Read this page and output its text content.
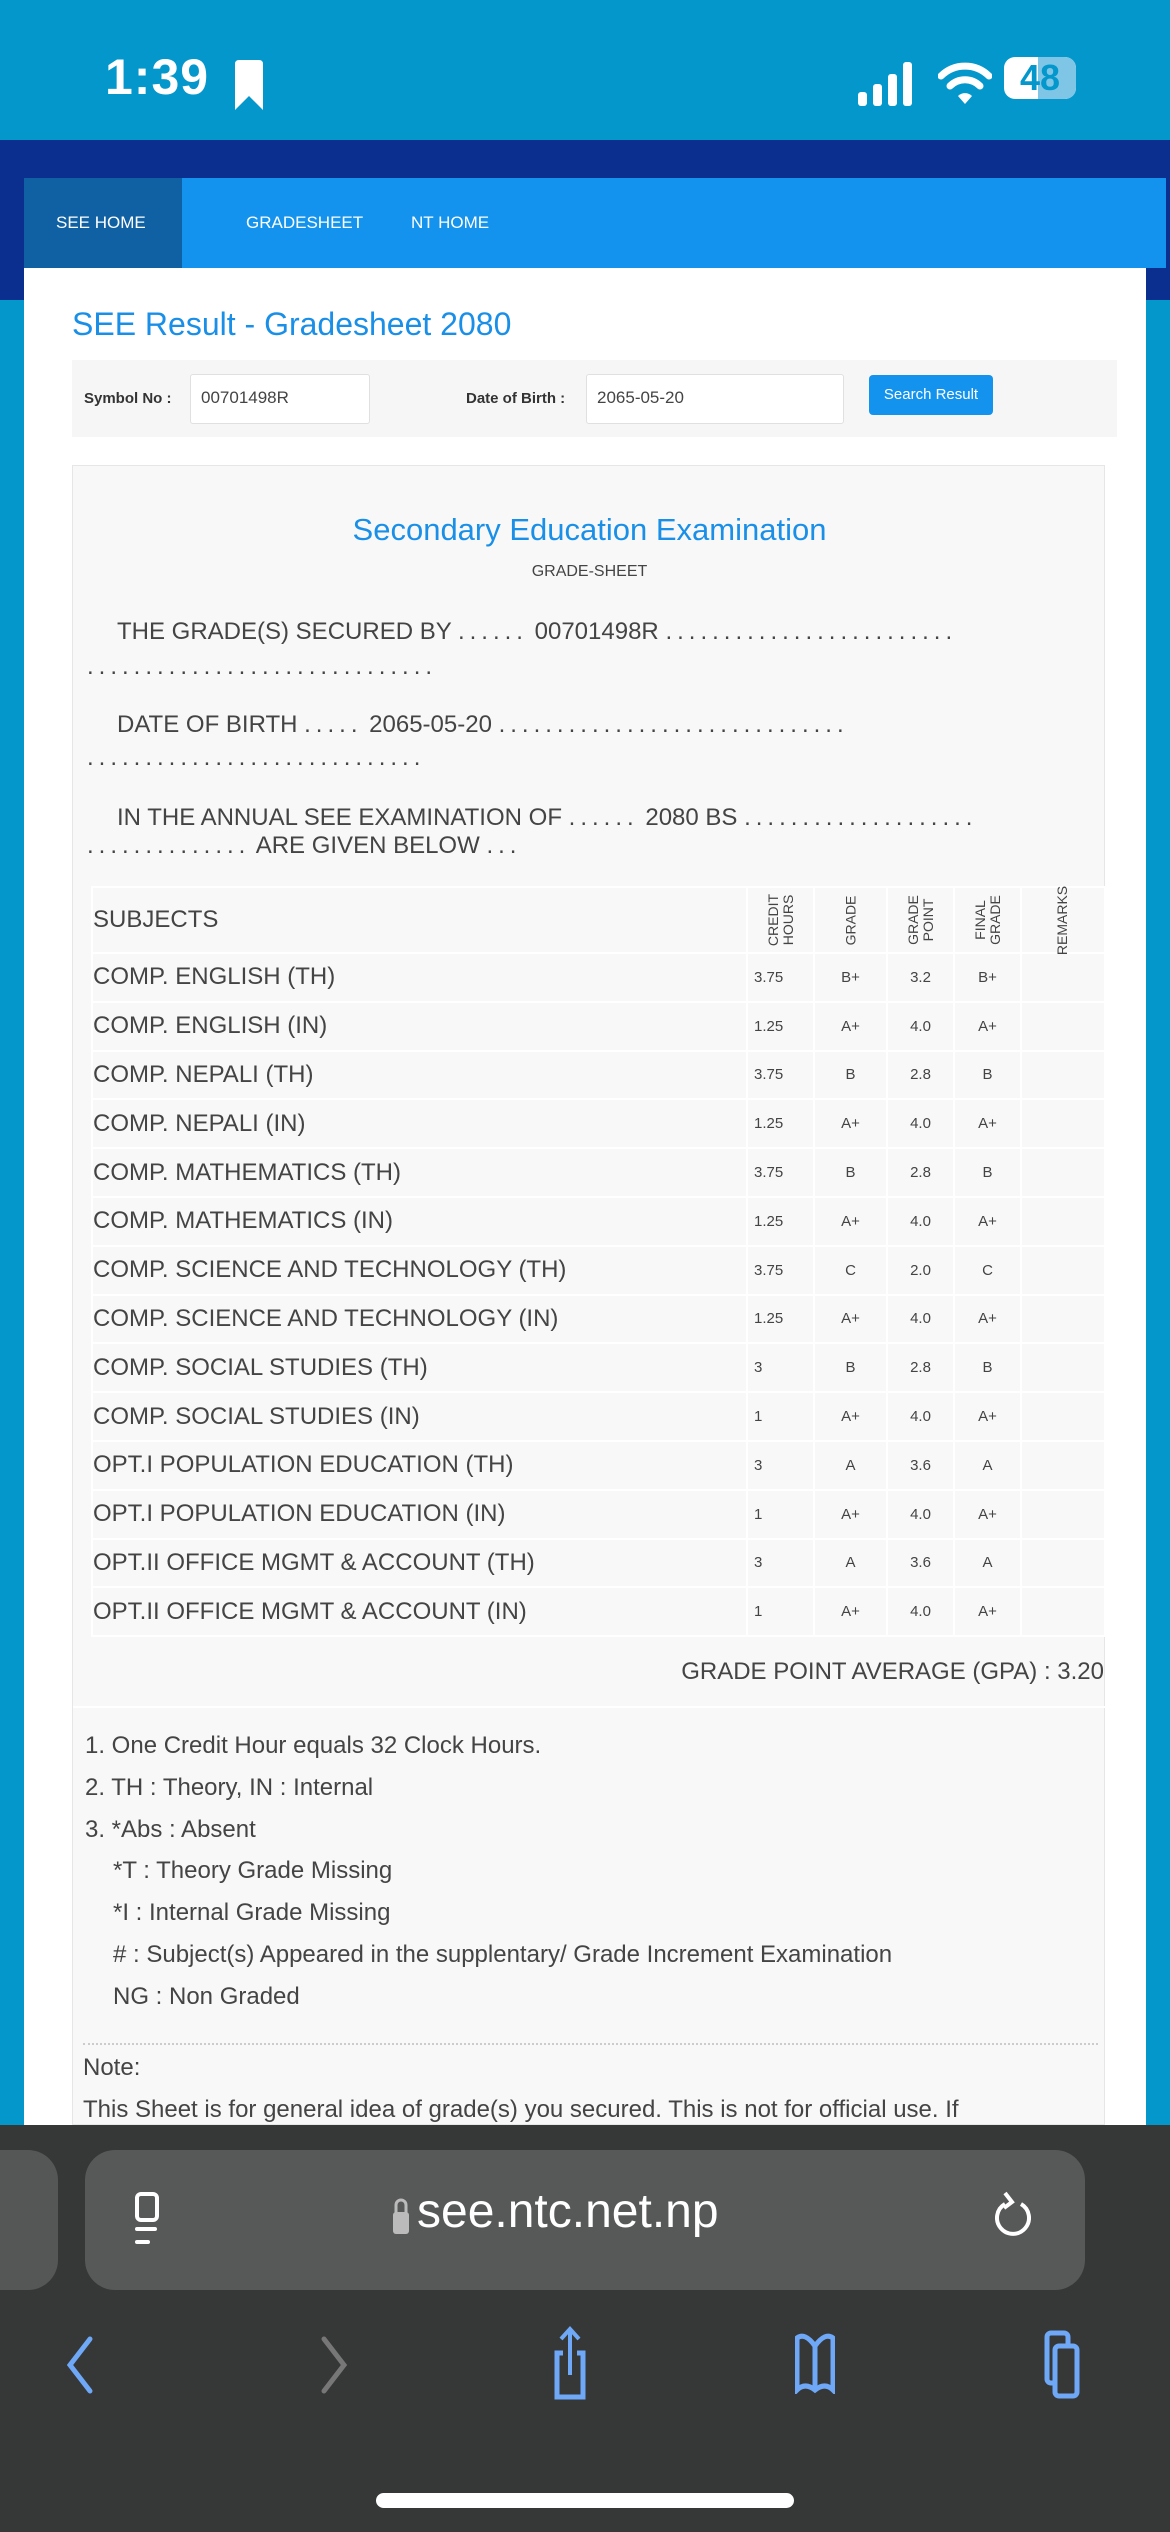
1:39	48
SEE HOME	GRADESHEET	NT HOME
SEE Result - Gradesheet 2080
Symbol No :	00701498R	Date of Birth :	2065-05-20	Search Result
Secondary Education Examination
GRADE-SHEET
THE GRADE(S) SECURED BY ...... 00701498R .........................
..............................
DATE OF BIRTH ..... 2065-05-20 ..............................
.............................
IN THE ANNUAL SEE EXAMINATION OF ...... 2080 BS ....................
.............. ARE GIVEN BELOW ...
SUBJECTS	CREDIT HOURS	GRADE	GRADE POINT	FINAL GRADE	REMARKS
COMP. ENGLISH (TH)	3.75	B+	3.2	B+	
COMP. ENGLISH (IN)	1.25	A+	4.0	A+	
COMP. NEPALI (TH)	3.75	B	2.8	B	
COMP. NEPALI (IN)	1.25	A+	4.0	A+	
COMP. MATHEMATICS (TH)	3.75	B	2.8	B	
COMP. MATHEMATICS (IN)	1.25	A+	4.0	A+	
COMP. SCIENCE AND TECHNOLOGY (TH)	3.75	C	2.0	C	
COMP. SCIENCE AND TECHNOLOGY (IN)	1.25	A+	4.0	A+	
COMP. SOCIAL STUDIES (TH)	3	B	2.8	B	
COMP. SOCIAL STUDIES (IN)	1	A+	4.0	A+	
OPT.I POPULATION EDUCATION (TH)	3	A	3.6	A	
OPT.I POPULATION EDUCATION (IN)	1	A+	4.0	A+	
OPT.II OFFICE MGMT & ACCOUNT (TH)	3	A	3.6	A	
OPT.II OFFICE MGMT & ACCOUNT (IN)	1	A+	4.0	A+	
GRADE POINT AVERAGE (GPA) : 3.20
1. One Credit Hour equals 32 Clock Hours.
2. TH : Theory, IN : Internal
3. *Abs : Absent
*T : Theory Grade Missing
*I : Internal Grade Missing
# : Subject(s) Appeared in the supplentary/ Grade Increment Examination
NG : Non Graded
Note:
This Sheet is for general idea of grade(s) you secured. This is not for official use. If
see.ntc.net.np
